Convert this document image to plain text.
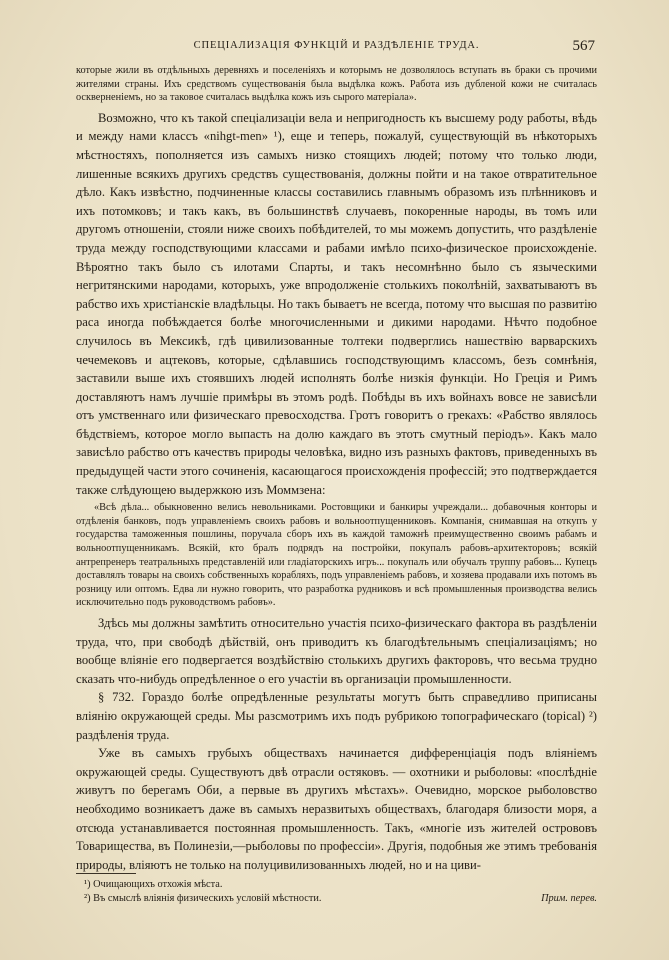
СПЕЦІАЛИЗАЦІЯ ФУНКЦІЙ И РАЗДѢЛЕНІЕ ТРУДА.	567

которые жили въ отдѣльныхъ деревняхъ и поселеніяхъ и которымъ не дозволялось вступать въ браки съ прочими жителями страны. Ихъ средствомъ существованія была выдѣлка кожъ. Работа изъ дубленой кожи не считалась оскверненіемъ, но за таковое считалась выдѣлка кожъ изъ сырого матеріала».

Возможно, что къ такой спеціализаціи вела и непригодность къ высшему роду работы, вѣдь и между нами классъ «nihgt-men» ¹), еще и теперь, пожалуй, существующій въ нѣкоторыхъ мѣстностяхъ, пополняется изъ самыхъ низко стоящихъ людей; потому что только люди, лишенные всякихъ другихъ средствъ существованія, должны пойти и на такое отвратительное дѣло. Какъ извѣстно, подчиненные классы составились главнымъ образомъ изъ плѣнниковъ и ихъ потомковъ; и такъ какъ, въ большинствѣ случаевъ, покоренные народы, въ томъ или другомъ отношеніи, стояли ниже своихъ побѣдителей, то мы можемъ допустить, что раздѣленіе труда между господствующими классами и рабами имѣло психо-физическое происхожденіе. Вѣроятно такъ было съ илотами Спарты, и такъ несомнѣнно было съ языческими негритянскими народами, которыхъ, уже впродолженіе столькихъ поколѣній, захватываютъ въ рабство ихъ христіанскіе владѣльцы. Но такъ бываетъ не всегда, потому что высшая по развитію раса иногда побѣждается болѣе многочисленными и дикими народами. Нѣчто подобное случилось въ Мексикѣ, гдѣ цивилизованные толтеки подверглись нашествію варварскихъ чечемековъ и ацтековъ, которые, сдѣлавшись господствующимъ классомъ, безъ сомнѣнія, заставили выше ихъ стоявшихъ людей исполнять болѣе низкія функціи. Но Греція и Римъ доставляютъ намъ лучшіе примѣры въ этомъ родѣ. Побѣды въ ихъ войнахъ вовсе не зависѣли отъ умственнаго или физическаго превосходства. Гротъ говоритъ о грекахъ: «Рабство являлось бѣдствіемъ, которое могло выпасть на долю каждаго въ этотъ смутный періодъ». Какъ мало зависѣло рабство отъ качествъ природы человѣка, видно изъ разныхъ фактовъ, приведенныхъ въ предыдущей части этого сочиненія, касающагося происхожденія профессій; это подтверждается также слѣдующею выдержкою изъ Моммзена:

«Всѣ дѣла... обыкновенно велись невольниками. Ростовщики и банкиры учреждали... добавочныя конторы и отдѣленія банковъ, подъ управленіемъ своихъ рабовъ и вольноотпущенниковъ. Компанія, снимавшая на откупъ у государства таможенныя пошлины, поручала сборъ ихъ въ каждой таможнѣ преимущественно своимъ рабамъ и вольноотпущенникамъ. Всякій, кто бралъ подрядъ на постройки, покупалъ рабовъ-архитекторовъ; всякій антрепренеръ театральныхъ представленій или гладіаторскихъ игръ... покупалъ или обучалъ труппу рабовъ... Купецъ доставлялъ товары на своихъ собственныхъ корабляхъ, подъ управленіемъ рабовъ, и хозяева продавали ихъ потомъ въ розницу или оптомъ. Едва ли нужно говорить, что разработка рудниковъ и всѣ промышленныя производства велись исключительно подъ руководствомъ рабовъ».

Здѣсь мы должны замѣтить относительно участія психо-физическаго фактора въ раздѣленіи труда, что, при свободѣ дѣйствій, онъ приводитъ къ благодѣтельнымъ спеціализаціямъ; но вообще вліяніе его подвергается воздѣйствію столькихъ другихъ факторовъ, что весьма трудно сказать что-нибудь опредѣленное о его участіи въ организаціи промышленности.

§ 732. Гораздо болѣе опредѣленные результаты могутъ быть справедливо приписаны вліянію окружающей среды. Мы разсмотримъ ихъ подъ рубрикою топографическаго (topical) ²) раздѣленія труда.

Уже въ самыхъ грубыхъ обществахъ начинается дифференціація подъ вліяніемъ окружающей среды. Существуютъ двѣ отрасли остяковъ. — охотники и рыболовы: «послѣдніе живутъ по берегамъ Оби, а первые въ другихъ мѣстахъ». Очевидно, морское рыболовство необходимо возникаетъ даже въ самыхъ неразвитыхъ обществахъ, благодаря близости моря, а отсюда устанавливается постоянная промышленность. Такъ, «многіе изъ жителей острововъ Товарищества, въ Полинезіи,—рыболовы по профессіи». Другія, подобныя же этимъ требованія природы, вліяютъ не только на полуцивилизованныхъ людей, но и на циви-

¹) Очищающихъ отхожія мѣста.
²) Въ смыслѣ вліянія физическихъ условій мѣстности.	Прим. перев.
